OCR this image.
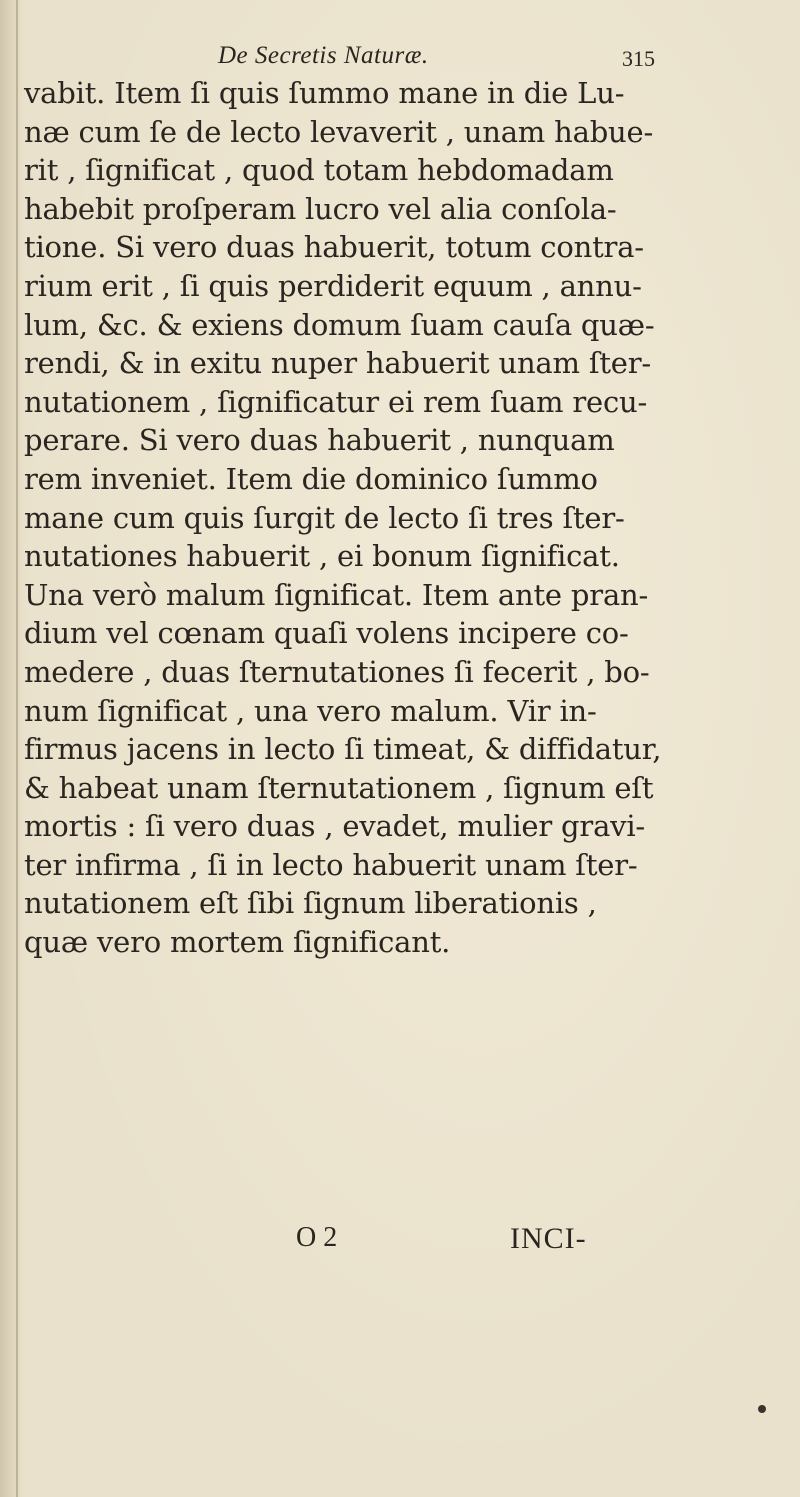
De Secretis Naturæ.	315
vabit. Item ſi quis ſummo mane in die Lu-
næ cum ſe de lecto levaverit , unam habue-
rit , ſignificat , quod totam hebdomadam
habebit proſperam lucro vel alia conſola-
tione. Si vero duas habuerit, totum contra-
rium erit , ſi quis perdiderit equum , annu-
lum, &c. & exiens domum ſuam cauſa quæ-
rendi, & in exitu nuper habuerit unam ſter-
nutationem , ſignificatur ei rem ſuam recu-
perare. Si vero duas habuerit , nunquam
rem inveniet. Item die dominico ſummo
mane cum quis ſurgit de lecto ſi tres ſter-
nutationes habuerit , ei bonum ſignificat.
Una verò malum ſignificat. Item ante pran-
dium vel cœnam quaſi volens incipere co-
medere , duas ſternutationes ſi fecerit , bo-
num ſignificat , una vero malum. Vir in-
firmus jacens in lecto ſi timeat, & diffidatur,
& habeat unam ſternutationem , ſignum eſt
mortis : ſi vero duas , evadet, mulier gravi-
ter infirma , ſi in lecto habuerit unam ſter-
nutationem eſt ſibi ſignum liberationis ,
quæ vero mortem ſignificant.
O 2	INCI-
